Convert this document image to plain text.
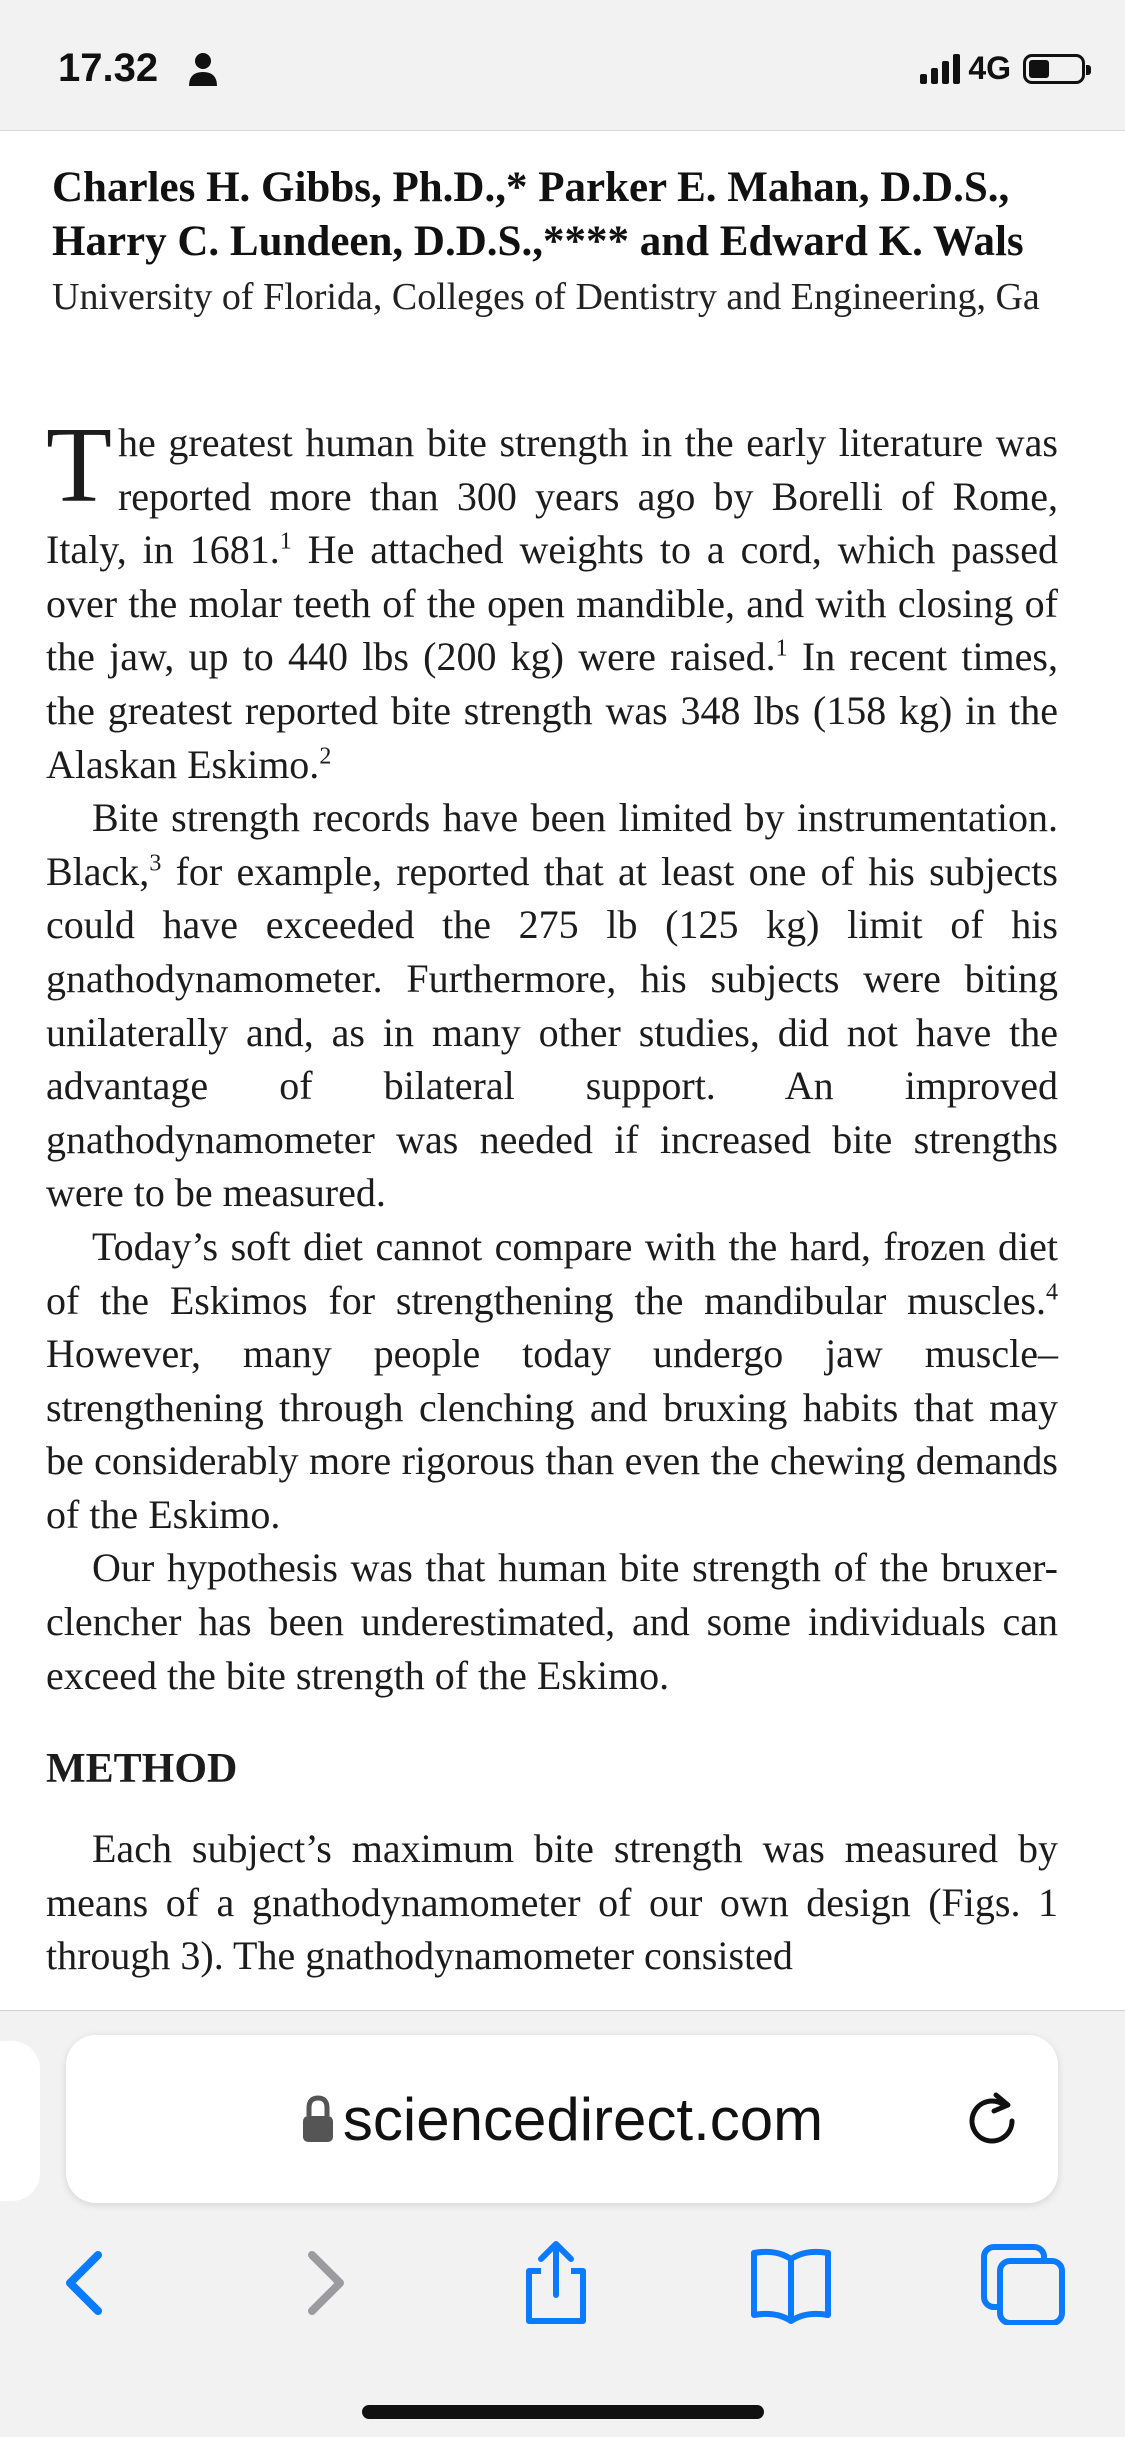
17.32	4G
Charles H. Gibbs, Ph.D.,* Parker E. Mahan, D.D.S.,
Harry C. Lundeen, D.D.S.,**** and Edward K. Wals
University of Florida, Colleges of Dentistry and Engineering, Ga

The greatest human bite strength in the early literature was reported more than 300 years ago by Borelli of Rome, Italy, in 1681.$^1$ He attached weights to a cord, which passed over the molar teeth of the open mandible, and with closing of the jaw, up to 440 lbs (200 kg) were raised.$^1$ In recent times, the greatest reported bite strength was 348 lbs (158 kg) in the Alaskan Eskimo.$^2$

Bite strength records have been limited by instrumentation. Black,$^3$ for example, reported that at least one of his subjects could have exceeded the 275 lb (125 kg) limit of his gnathodynamometer. Furthermore, his subjects were biting unilaterally and, as in many other studies, did not have the advantage of bilateral support. An improved gnathodynamometer was needed if increased bite strengths were to be measured.

Today’s soft diet cannot compare with the hard, frozen diet of the Eskimos for strengthening the mandibular muscles.$^4$ However, many people today undergo jaw muscle–strengthening through clenching and bruxing habits that may be considerably more rigorous than even the chewing demands of the Eskimo.

Our hypothesis was that human bite strength of the bruxer-clencher has been underestimated, and some individuals can exceed the bite strength of the Eskimo.

METHOD

Each subject’s maximum bite strength was measured by means of a gnathodynamometer of our own design (Figs. 1 through 3). The gnathodynamometer consisted

sciencedirect.com
